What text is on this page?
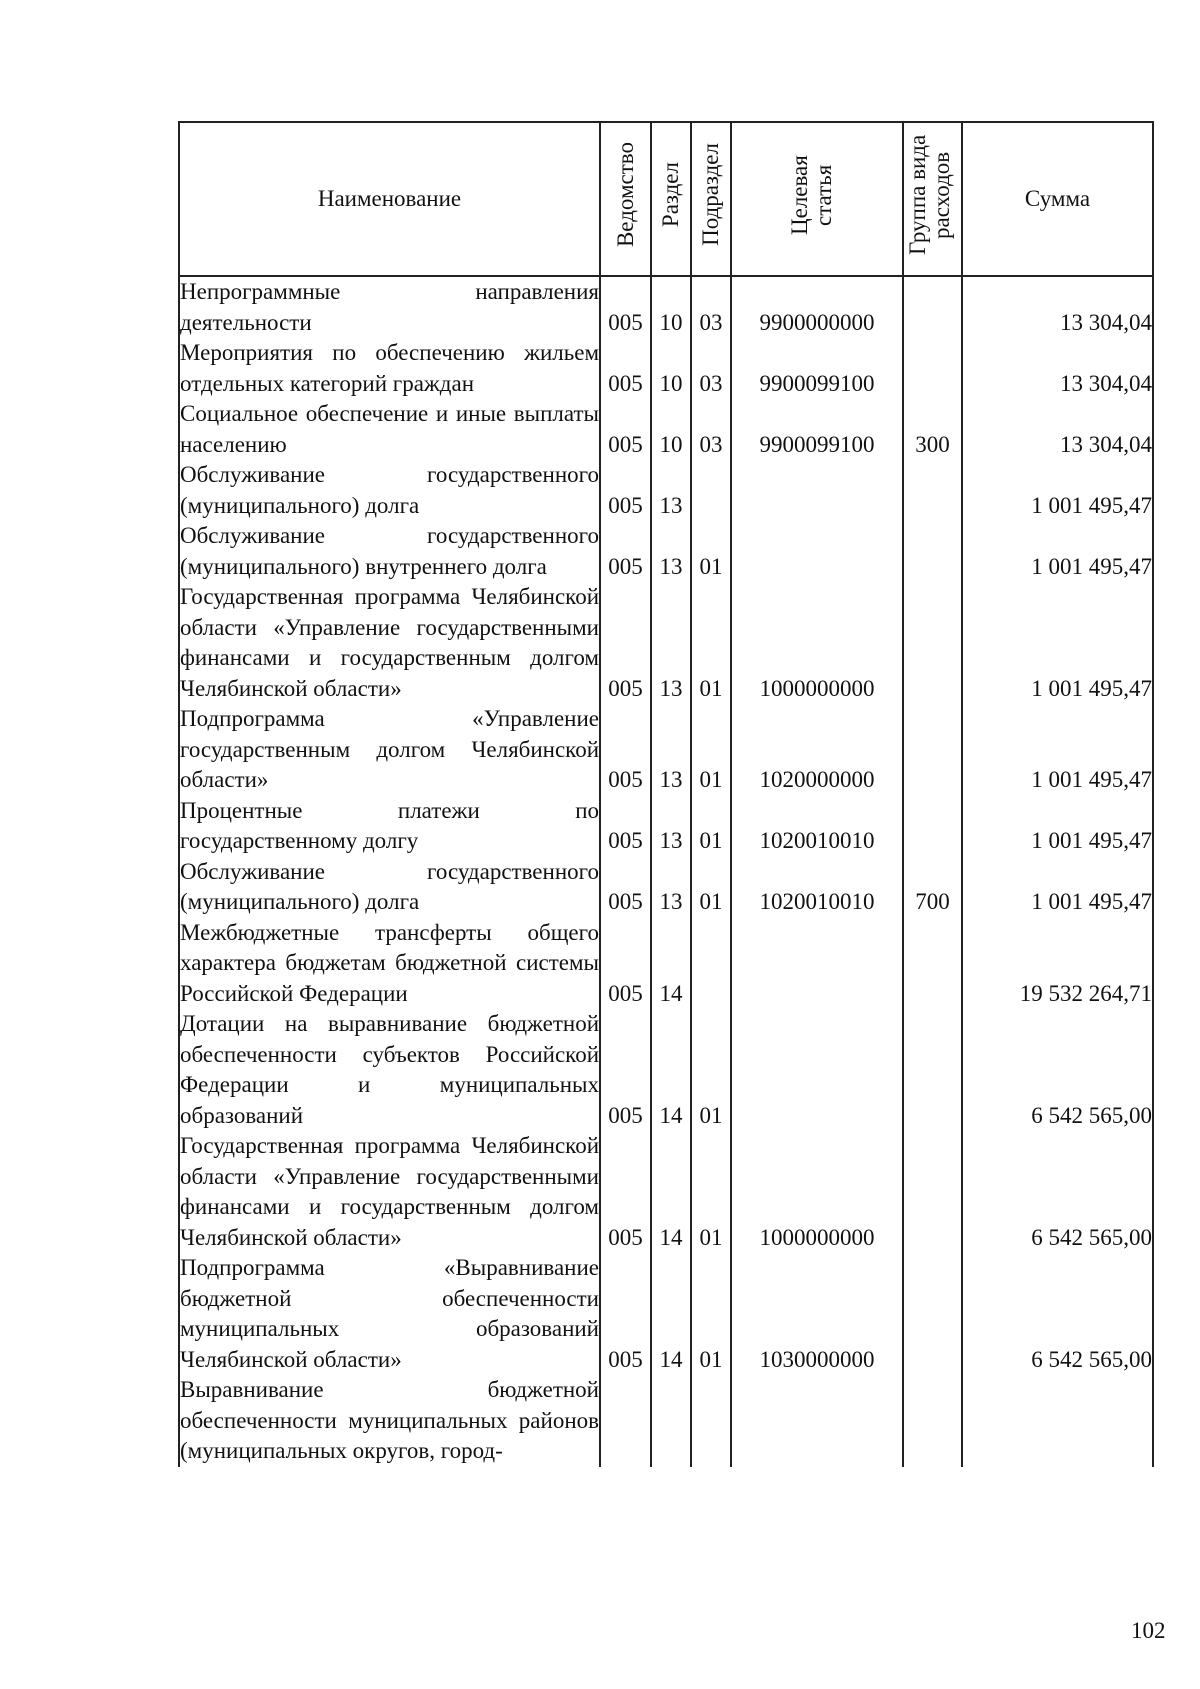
Наименование	Ведомство	Раздел	Подраздел	Целевая статья	Группа вида расходов	Сумма
Непрограммные направления деятельности	005	10	03	9900000000		13 304,04
Мероприятия по обеспечению жильем отдельных категорий граждан	005	10	03	9900099100		13 304,04
Социальное обеспечение и иные выплаты населению	005	10	03	9900099100	300	13 304,04
Обслуживание государственного (муниципального) долга	005	13				1 001 495,47
Обслуживание государственного (муниципального) внутреннего долга	005	13	01			1 001 495,47
Государственная программа Челябинской области «Управление государственными финансами и государственным долгом Челябинской области»	005	13	01	1000000000		1 001 495,47
Подпрограмма «Управление государственным долгом Челябинской области»	005	13	01	1020000000		1 001 495,47
Процентные платежи по государственному долгу	005	13	01	1020010010		1 001 495,47
Обслуживание государственного (муниципального) долга	005	13	01	1020010010	700	1 001 495,47
Межбюджетные трансферты общего характера бюджетам бюджетной системы Российской Федерации	005	14				19 532 264,71
Дотации на выравнивание бюджетной обеспеченности субъектов Российской Федерации и муниципальных образований	005	14	01			6 542 565,00
Государственная программа Челябинской области «Управление государственными финансами и государственным долгом Челябинской области»	005	14	01	1000000000		6 542 565,00
Подпрограмма «Выравнивание бюджетной обеспеченности муниципальных образований Челябинской области»	005	14	01	1030000000		6 542 565,00
Выравнивание бюджетной обеспеченности муниципальных районов (муниципальных округов, город-						
102
